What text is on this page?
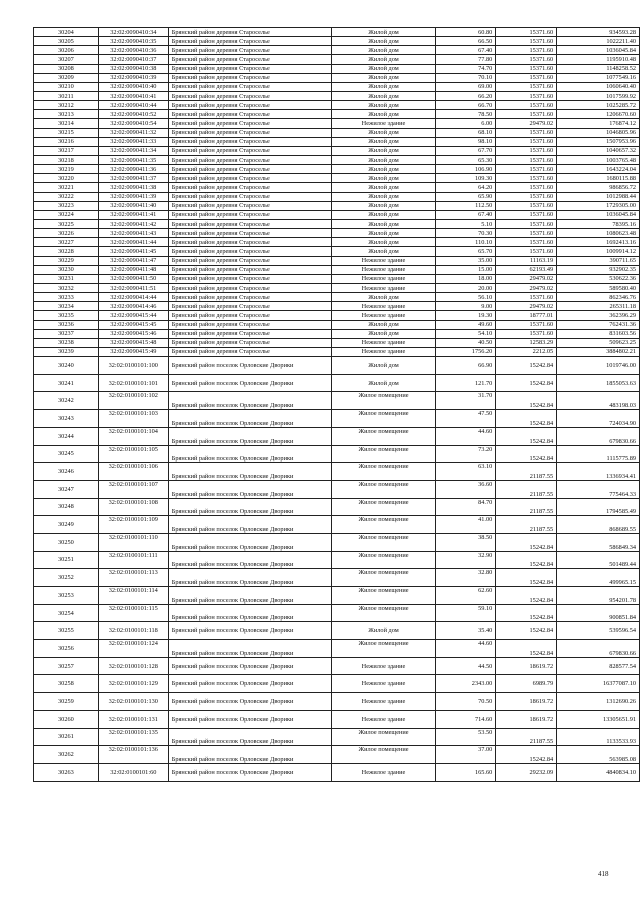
30204	32:02:0090410:34	Брянский район деревня Староселье	Жилой дом	60.80	15371.60	934593.28
30205	32:02:0090410:35	Брянский район деревня Староселье	Жилой дом	66.50	15371.60	1022211.40
30206	32:02:0090410:36	Брянский район деревня Староселье	Жилой дом	67.40	15371.60	1036045.84
30207	32:02:0090410:37	Брянский район деревня Староселье	Жилой дом	77.80	15371.60	1195910.48
30208	32:02:0090410:38	Брянский район деревня Староселье	Жилой дом	74.70	15371.60	1148258.52
30209	32:02:0090410:39	Брянский район деревня Староселье	Жилой дом	70.10	15371.60	1077549.16
30210	32:02:0090410:40	Брянский район деревня Староселье	Жилой дом	69.00	15371.60	1060640.40
30211	32:02:0090410:41	Брянский район деревня Староселье	Жилой дом	66.20	15371.60	1017599.92
30212	32:02:0090410:44	Брянский район деревня Староселье	Жилой дом	66.70	15371.60	1025285.72
30213	32:02:0090410:52	Брянский район деревня Староселье	Жилой дом	78.50	15371.60	1206670.60
30214	32:02:0090410:54	Брянский район деревня Староселье	Нежилое здание	6.00	29479.02	176874.12
30215	32:02:0090411:32	Брянский район деревня Староселье	Жилой дом	68.10	15371.60	1046805.96
30216	32:02:0090411:33	Брянский район деревня Староселье	Жилой дом	98.10	15371.60	1507953.96
30217	32:02:0090411:34	Брянский район деревня Староселье	Жилой дом	67.70	15371.60	1040657.32
30218	32:02:0090411:35	Брянский район деревня Староселье	Жилой дом	65.30	15371.60	1003765.48
30219	32:02:0090411:36	Брянский район деревня Староселье	Жилой дом	106.90	15371.60	1643224.04
30220	32:02:0090411:37	Брянский район деревня Староселье	Жилой дом	109.30	15371.60	1680115.88
30221	32:02:0090411:38	Брянский район деревня Староселье	Жилой дом	64.20	15371.60	986856.72
30222	32:02:0090411:39	Брянский район деревня Староселье	Жилой дом	65.90	15371.60	1012988.44
30223	32:02:0090411:40	Брянский район деревня Староселье	Жилой дом	112.50	15371.60	1729305.00
30224	32:02:0090411:41	Брянский район деревня Староселье	Жилой дом	67.40	15371.60	1036045.84
30225	32:02:0090411:42	Брянский район деревня Староселье	Жилой дом	5.10	15371.60	78395.16
30226	32:02:0090411:43	Брянский район деревня Староселье	Жилой дом	70.30	15371.60	1080623.48
30227	32:02:0090411:44	Брянский район деревня Староселье	Жилой дом	110.10	15371.60	1692413.16
30228	32:02:0090411:45	Брянский район деревня Староселье	Жилой дом	65.70	15371.60	1009914.12
30229	32:02:0090411:47	Брянский район деревня Староселье	Нежилое здание	35.00	11163.19	390711.65
30230	32:02:0090411:48	Брянский район деревня Староселье	Нежилое здание	15.00	62193.49	932902.35
30231	32:02:0090411:50	Брянский район деревня Староселье	Нежилое здание	18.00	29479.02	530622.36
30232	32:02:0090411:51	Брянский район деревня Староселье	Нежилое здание	20.00	29479.02	589580.40
30233	32:02:0090414:44	Брянский район деревня Староселье	Жилой дом	56.10	15371.60	862346.76
30234	32:02:0090414:46	Брянский район деревня Староселье	Нежилое здание	9.00	29479.02	265311.18
30235	32:02:0090415:44	Брянский район деревня Староселье	Нежилое здание	19.30	18777.01	362396.29
30236	32:02:0090415:45	Брянский район деревня Староселье	Жилой дом	49.60	15371.60	762431.36
30237	32:02:0090415:46	Брянский район деревня Староселье	Жилой дом	54.10	15371.60	831603.56
30238	32:02:0090415:48	Брянский район деревня Староселье	Нежилое здание	40.50	12583.29	509623.25
30239	32:02:0090415:49	Брянский район деревня Староселье	Нежилое здание	1756.20	2212.05	3884802.21
30240	32:02:0100101:100	Брянский район поселок Орловские Дворики	Жилой дом	66.90	15242.84	1019746.00
30241	32:02:0100101:101	Брянский район поселок Орловские Дворики	Жилой дом	121.70	15242.84	1855053.63
30242	32:02:0100101:102	Брянский район поселок Орловские Дворики	Жилое помещение	31.70	15242.84	483198.03
30243	32:02:0100101:103	Брянский район поселок Орловские Дворики	Жилое помещение	47.50	15242.84	724034.90
30244	32:02:0100101:104	Брянский район поселок Орловские Дворики	Жилое помещение	44.60	15242.84	679830.66
30245	32:02:0100101:105	Брянский район поселок Орловские Дворики	Жилое помещение	73.20	15242.84	1115775.89
30246	32:02:0100101:106	Брянский район поселок Орловские Дворики	Жилое помещение	63.10	21187.55	1336934.41
30247	32:02:0100101:107	Брянский район поселок Орловские Дворики	Жилое помещение	36.60	21187.55	775464.33
30248	32:02:0100101:108	Брянский район поселок Орловские Дворики	Жилое помещение	84.70	21187.55	1794585.49
30249	32:02:0100101:109	Брянский район поселок Орловские Дворики	Жилое помещение	41.00	21187.55	868689.55
30250	32:02:0100101:110	Брянский район поселок Орловские Дворики	Жилое помещение	38.50	15242.84	586849.34
30251	32:02:0100101:111	Брянский район поселок Орловские Дворики	Жилое помещение	32.90	15242.84	501489.44
30252	32:02:0100101:113	Брянский район поселок Орловские Дворики	Жилое помещение	32.80	15242.84	499965.15
30253	32:02:0100101:114	Брянский район поселок Орловские Дворики	Жилое помещение	62.60	15242.84	954201.78
30254	32:02:0100101:115	Брянский район поселок Орловские Дворики	Жилое помещение	59.10	15242.84	900851.84
30255	32:02:0100101:118	Брянский район поселок Орловские Дворики	Жилой дом	35.40	15242.84	539596.54
30256	32:02:0100101:124	Брянский район поселок Орловские Дворики	Жилое помещение	44.60	15242.84	679830.66
30257	32:02:0100101:128	Брянский район поселок Орловские Дворики	Нежилое здание	44.50	18619.72	828577.54
30258	32:02:0100101:129	Брянский район поселок Орловские Дворики	Нежилое здание	2343.00	6989.79	16377087.10
30259	32:02:0100101:130	Брянский район поселок Орловские Дворики	Нежилое здание	70.50	18619.72	1312690.26
30260	32:02:0100101:131	Брянский район поселок Орловские Дворики	Нежилое здание	714.60	18619.72	13305651.91
30261	32:02:0100101:135	Брянский район поселок Орловские Дворики	Жилое помещение	53.50	21187.55	1133533.93
30262	32:02:0100101:136	Брянский район поселок Орловские Дворики	Жилое помещение	37.00	15242.84	563985.08
30263	32:02:0100101:60	Брянский район поселок Орловские Дворики	Нежилое здание	165.60	29232.09	4840834.10
418
